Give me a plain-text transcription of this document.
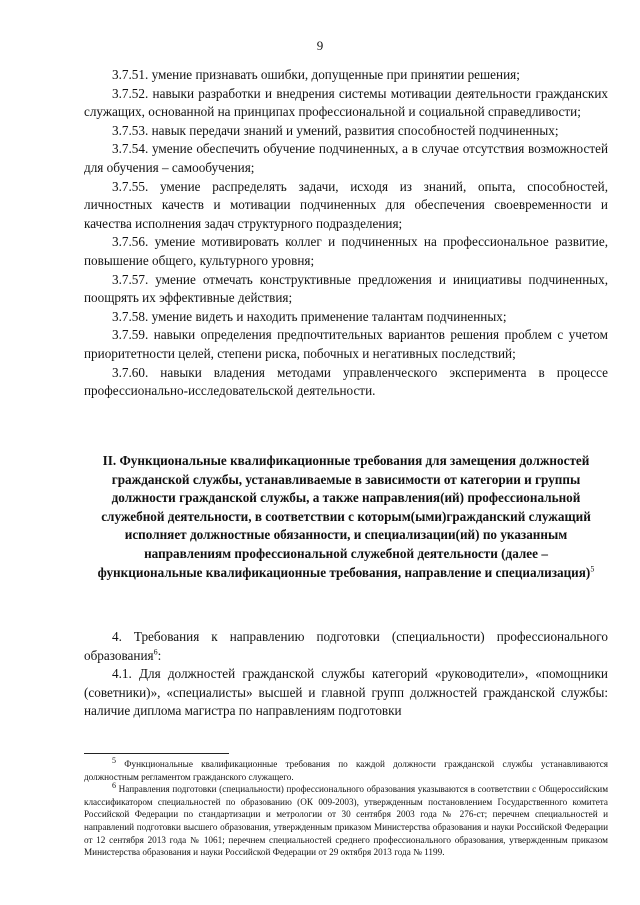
9

3.7.51. умение признавать ошибки, допущенные при принятии решения;

3.7.52. навыки разработки и внедрения системы мотивации деятельности гражданских служащих, основанной на принципах профессиональной и социальной справедливости;

3.7.53. навык передачи знаний и умений, развития способностей подчиненных;

3.7.54. умение обеспечить обучение подчиненных, а в случае отсутствия возможностей для обучения – самообучения;

3.7.55. умение распределять задачи, исходя из знаний, опыта, способностей, личностных качеств и мотивации подчиненных для обеспечения своевременности и качества исполнения задач структурного подразделения;

3.7.56. умение мотивировать коллег и подчиненных на профессиональное развитие, повышение общего, культурного уровня;

3.7.57. умение отмечать конструктивные предложения и инициативы подчиненных, поощрять их эффективные действия;

3.7.58. умение видеть и находить применение талантам подчиненных;

3.7.59. навыки определения предпочтительных вариантов решения проблем с учетом приоритетности целей, степени риска, побочных и негативных последствий;

3.7.60. навыки владения методами управленческого эксперимента в процессе профессионально-исследовательской деятельности.

II. Функциональные квалификационные требования для замещения должностей гражданской службы, устанавливаемые в зависимости от категории и группы должности гражданской службы, а также направления(ий) профессиональной служебной деятельности, в соответствии с которым(ыми)гражданский служащий исполняет должностные обязанности, и специализации(ий) по указанным направлениям профессиональной служебной деятельности (далее – функциональные квалификационные требования, направление и специализация)$^5$

4. Требования к направлению подготовки (специальности) профессионального образования$^6$:

4.1. Для должностей гражданской службы категорий «руководители», «помощники (советники)», «специалисты» высшей и главной групп должностей гражданской службы: наличие диплома магистра по направлениям подготовки

$^5$ Функциональные квалификационные требования по каждой должности гражданской службы устанавливаются должностным регламентом гражданского служащего.

$^6$ Направления подготовки (специальности) профессионального образования указываются в соответствии с Общероссийским классификатором специальностей по образованию (ОК 009-2003), утвержденным постановлением Государственного комитета Российской Федерации по стандартизации и метрологии от 30 сентября 2003 года № 276-ст; перечнем специальностей и направлений подготовки высшего образования, утвержденным приказом Министерства образования и науки Российской Федерации от 12 сентября 2013 года № 1061; перечнем специальностей среднего профессионального образования, утвержденным приказом Министерства образования и науки Российской Федерации от 29 октября 2013 года № 1199.
